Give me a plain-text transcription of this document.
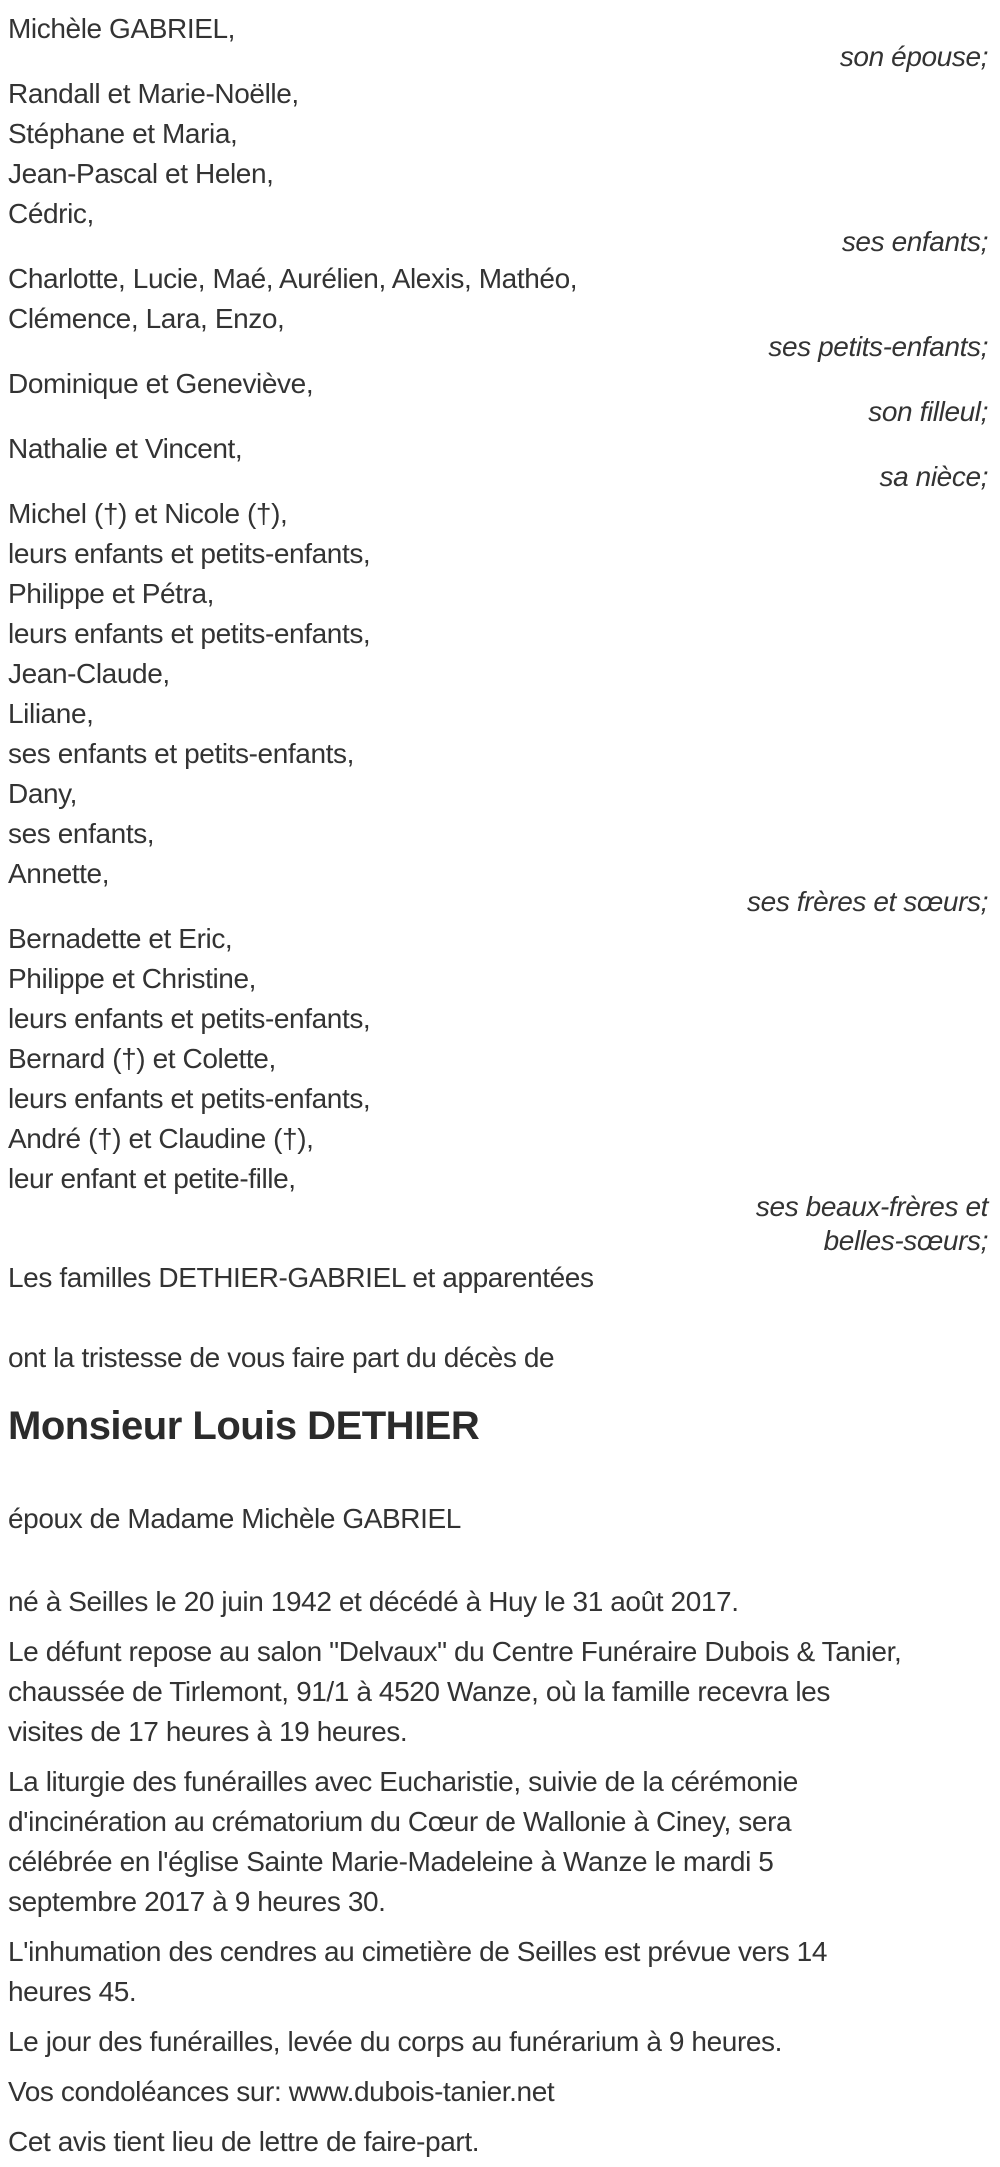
Michèle GABRIEL,
son épouse;
Randall et Marie-Noëlle,
Stéphane et Maria,
Jean-Pascal et Helen,
Cédric,
ses enfants;
Charlotte, Lucie, Maé, Aurélien, Alexis, Mathéo,
Clémence, Lara, Enzo,
ses petits-enfants;
Dominique et Geneviève,
son filleul;
Nathalie et Vincent,
sa nièce;
Michel (†) et Nicole (†),
leurs enfants et petits-enfants,
Philippe et Pétra,
leurs enfants et petits-enfants,
Jean-Claude,
Liliane,
ses enfants et petits-enfants,
Dany,
ses enfants,
Annette,
ses frères et sœurs;
Bernadette et Eric,
Philippe et Christine,
leurs enfants et petits-enfants,
Bernard (†) et Colette,
leurs enfants et petits-enfants,
André (†) et Claudine (†),
leur enfant et petite-fille,
ses beaux-frères et
belles-sœurs;
Les familles DETHIER-GABRIEL et apparentées
ont la tristesse de vous faire part du décès de
Monsieur Louis DETHIER
époux de Madame Michèle GABRIEL
né à Seilles le 20 juin 1942 et décédé à Huy le 31 août 2017.
Le défunt repose au salon "Delvaux" du Centre Funéraire Dubois & Tanier,
chaussée de Tirlemont, 91/1 à 4520 Wanze, où la famille recevra les
visites de 17 heures à 19 heures.
La liturgie des funérailles avec Eucharistie, suivie de la cérémonie
d'incinération au crématorium du Cœur de Wallonie à Ciney, sera
célébrée en l'église Sainte Marie-Madeleine à Wanze le mardi 5
septembre 2017 à 9 heures 30.
L'inhumation des cendres au cimetière de Seilles est prévue vers 14
heures 45.
Le jour des funérailles, levée du corps au funérarium à 9 heures.
Vos condoléances sur: www.dubois-tanier.net
Cet avis tient lieu de lettre de faire-part.
